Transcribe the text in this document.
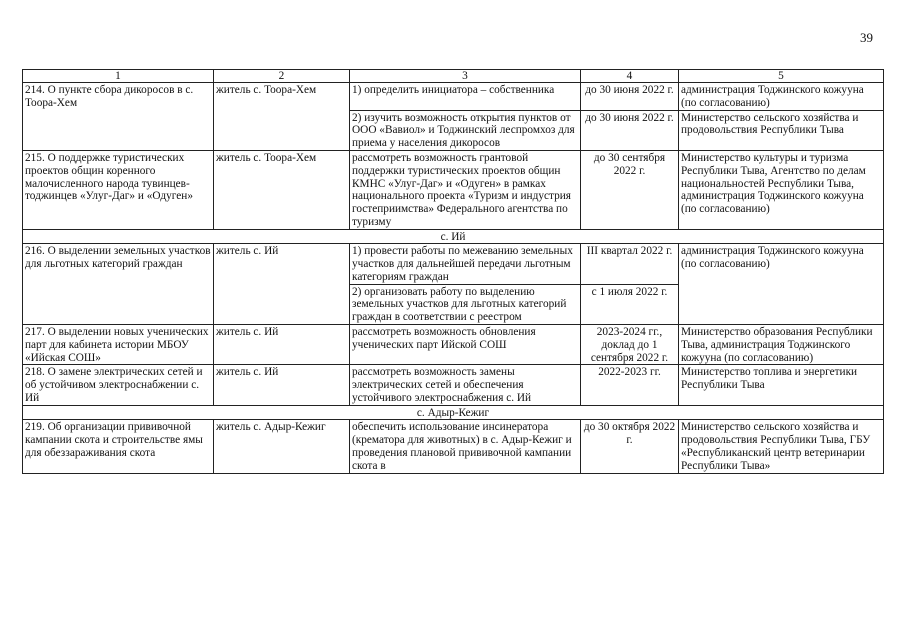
39
1	2	3	4	5
214. О пункте сбора дикоросов в с. Тоора-Хем	житель с. Тоора-Хем	1) определить инициатора – собственника	до 30 июня 2022 г.	администрация Тоджинского кожууна (по согласованию)
		2) изучить возможность открытия пунктов от ООО «Вавиол» и Тоджинский леспромхоз для приема у населения дикоросов	до 30 июня 2022 г.	Министерство сельского хозяйства и продовольствия Республики Тыва
215. О поддержке туристических проектов общин коренного малочисленного народа тувинцев-тоджинцев «Улуг-Даг» и «Одуген»	житель с. Тоора-Хем	рассмотреть возможность грантовой поддержки туристических проектов общин КМНС «Улуг-Даг» и «Одуген» в рамках национального проекта «Туризм и индустрия гостеприимства» Федерального агентства по туризму	до 30 сентября 2022 г.	Министерство культуры и туризма Республики Тыва, Агентство по делам национальностей Республики Тыва, администрация Тоджинского кожууна (по согласованию)
с. Ий				
216. О выделении земельных участков для льготных категорий граждан	житель с. Ий	1) провести работы по межеванию земельных участков для дальнейшей передачи льготным категориям граждан	III квартал 2022 г.	администрация Тоджинского кожууна (по согласованию)
		2) организовать работу по выделению земельных участков для льготных категорий граждан в соответствии с реестром	с 1 июля 2022 г.	
217. О выделении новых ученических парт для кабинета истории МБОУ «Ийская СОШ»	житель с. Ий	рассмотреть возможность обновления ученических парт Ийской СОШ	2023-2024 гг., доклад до 1 сентября 2022 г.	Министерство образования Республики Тыва, администрация Тоджинского кожууна (по согласованию)
218. О замене электрических сетей и об устойчивом электроснабжении с. Ий	житель с. Ий	рассмотреть возможность замены электрических сетей и обеспечения устойчивого электроснабжения с. Ий	2022-2023 гг.	Министерство топлива и энергетики Республики Тыва
с. Адыр-Кежиг				
219. Об организации прививочной кампании скота и строительстве ямы для обеззараживания скота	житель с. Адыр-Кежиг	обеспечить использование инсинератора (крематора для животных) в с. Адыр-Кежиг и проведения плановой прививочной кампании скота в	до 30 октября 2022 г.	Министерство сельского хозяйства и продовольствия Республики Тыва, ГБУ «Республиканский центр ветеринарии Республики Тыва»
